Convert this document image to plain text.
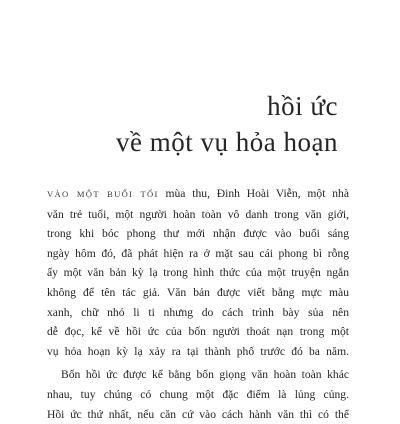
hồi ức
về một vụ hỏa hoạn
VÀO MỘT BUỔI TỐI mùa thu, Đinh Hoài Viễn, một nhà
văn trẻ tuổi, một người hoàn toàn vô danh trong văn giới,
trong khi bóc phong thư mới nhận được vào buổi sáng
ngày hôm đó, đã phát hiện ra ở mặt sau cái phong bì rỗng
ấy một văn bản kỳ lạ trong hình thức của một truyện ngắn
không để tên tác giả. Văn bản được viết bằng mực màu
xanh, chữ nhỏ li ti nhưng do cách trình bày sủa nên
dễ đọc, kể về hồi ức của bốn người thoát nạn trong một
vụ hỏa hoạn kỳ lạ xảy ra tại thành phố trước đó ba năm.
Bốn hồi ức được kể bằng bốn giọng văn hoàn toàn khác
nhau, tuy chúng có chung một đặc điểm là lủng củng.
Hồi ức thứ nhất, nếu căn cứ vào cách hành văn thì có thể
